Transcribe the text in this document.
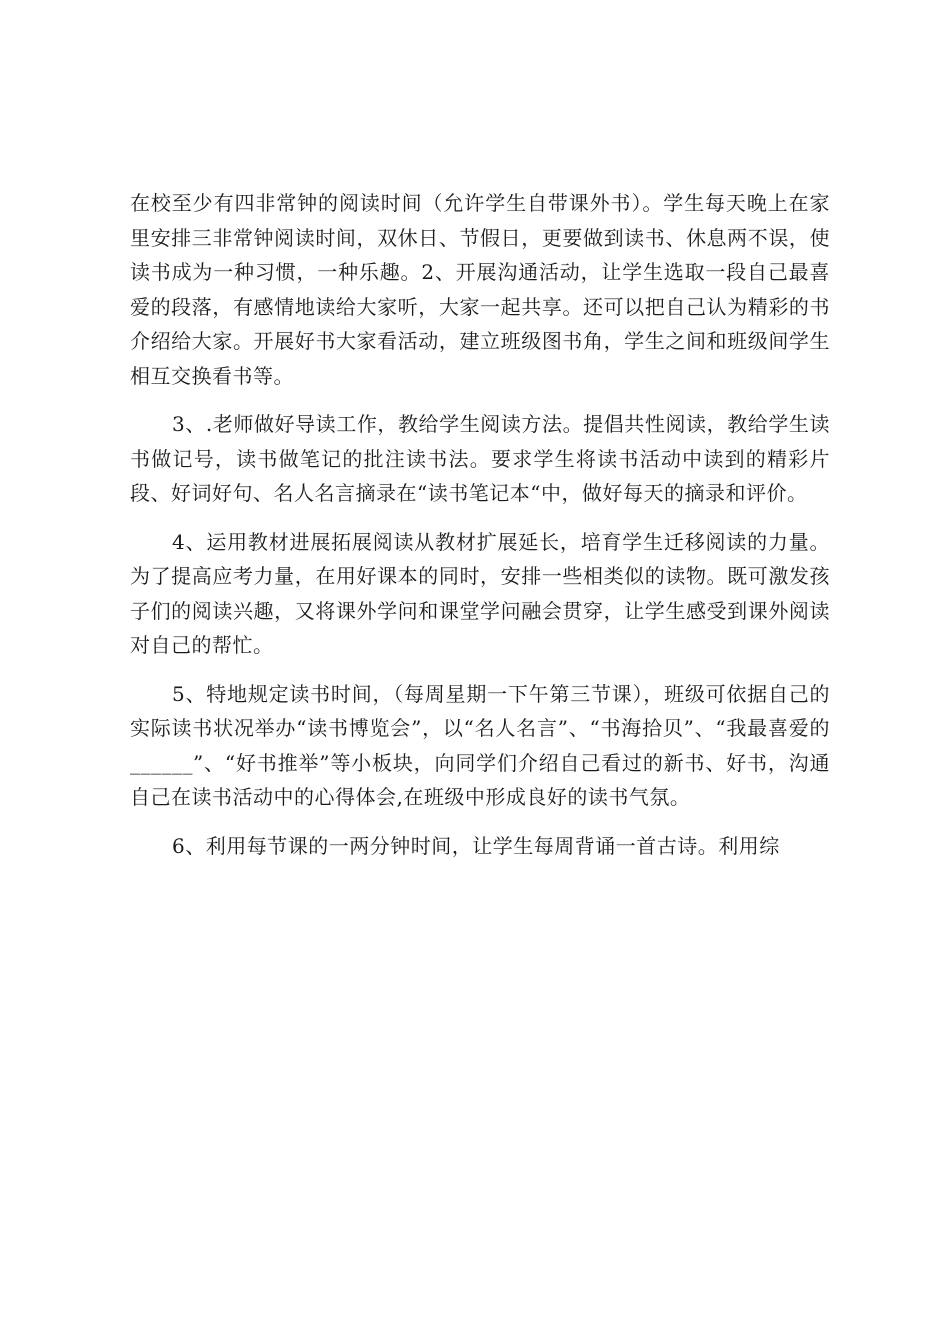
在校至少有四非常钟的阅读时间（允许学生自带课外书）。学生每天晚上在家里安排三非常钟阅读时间，双休日、节假日，更要做到读书、休息两不误，使读书成为一种习惯，一种乐趣。2、开展沟通活动，让学生选取一段自己最喜爱的段落，有感情地读给大家听，大家一起共享。还可以把自己认为精彩的书介绍给大家。开展好书大家看活动，建立班级图书角，学生之间和班级间学生相互交换看书等。

3、.老师做好导读工作，教给学生阅读方法。提倡共性阅读，教给学生读书做记号，读书做笔记的批注读书法。要求学生将读书活动中读到的精彩片段、好词好句、名人名言摘录在“读书笔记本“中，做好每天的摘录和评价。

4、运用教材进展拓展阅读从教材扩展延长，培育学生迁移阅读的力量。为了提高应考力量，在用好课本的同时，安排一些相类似的读物。既可激发孩子们的阅读兴趣，又将课外学问和课堂学问融会贯穿，让学生感受到课外阅读对自己的帮忙。

5、特地规定读书时间，（每周星期一下午第三节课），班级可依据自己的实际读书状况举办“读书博览会”，以“名人名言”、“书海拾贝”、“我最喜爱的______”、“好书推举”等小板块，向同学们介绍自己看过的新书、好书，沟通自己在读书活动中的心得体会,在班级中形成良好的读书气氛。

6、利用每节课的一两分钟时间，让学生每周背诵一首古诗。利用综
